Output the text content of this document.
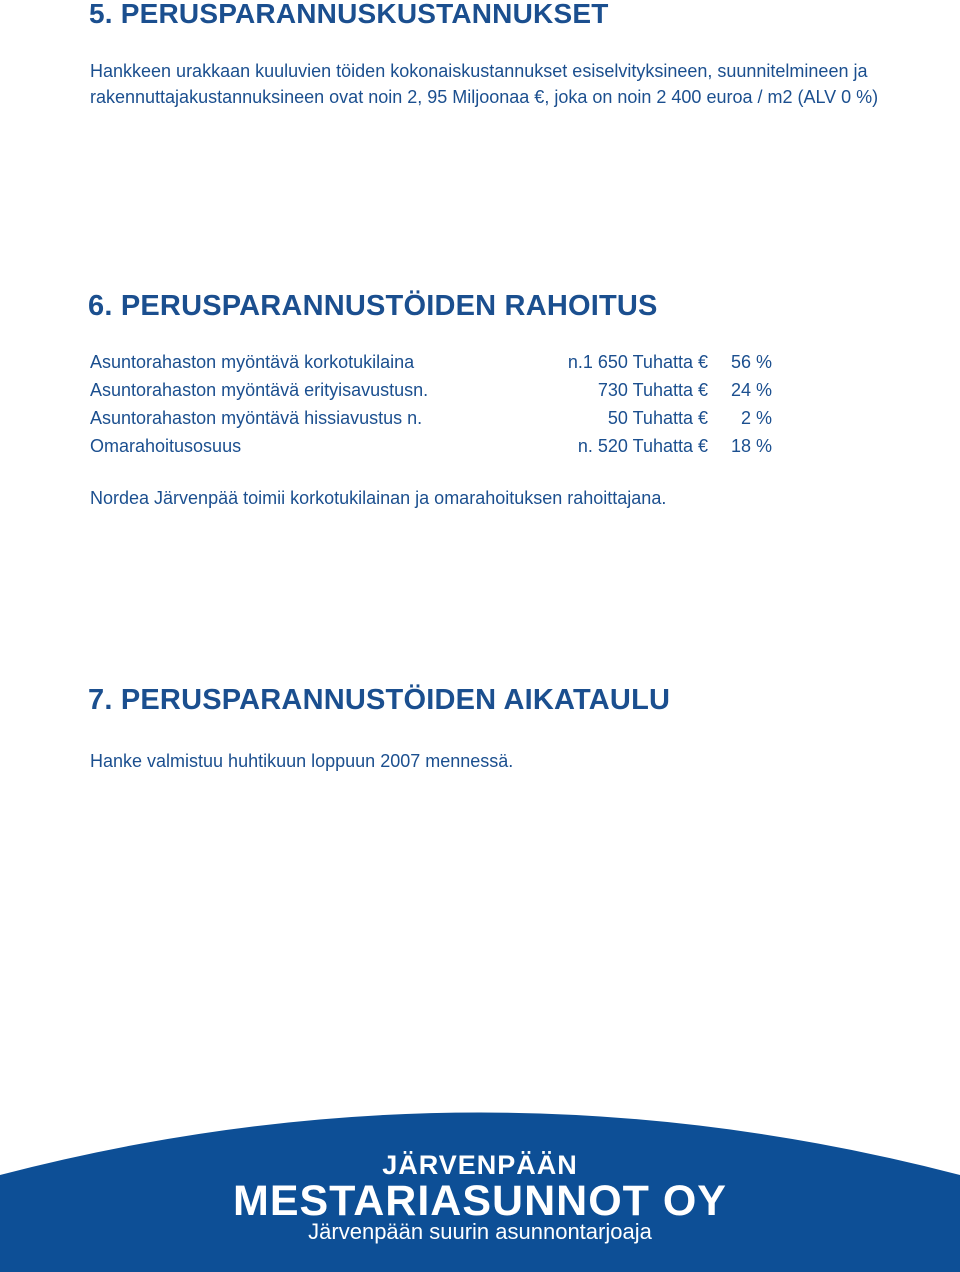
5. PERUSPARANNUSKUSTANNUKSET

Hankkeen urakkaan kuuluvien töiden kokonaiskustannukset esiselvityksineen, suunnitelmineen ja rakennuttajakustannuksineen ovat noin 2, 95 Miljoonaa €, joka on noin 2 400 euroa / m2 (ALV 0 %)

6. PERUSPARANNUSTÖIDEN RAHOITUS
Asuntorahaston myöntävä korkotukilaina	n.1 650 Tuhatta € 56 %
Asuntorahaston myöntävä erityisavustusn.	730 Tuhatta € 24 %
Asuntorahaston myöntävä hissiavustus n.	50 Tuhatta € 2 %
Omarahoitusosuus	n. 520 Tuhatta € 18 %

Nordea Järvenpää toimii korkotukilainan ja omarahoituksen rahoittajana.

7. PERUSPARANNUSTÖIDEN AIKATAULU

Hanke valmistuu huhtikuun loppuun 2007 mennessä.

JÄRVENPÄÄN
MESTARIASUNNOT OY
Järvenpään suurin asunnontarjoaja
